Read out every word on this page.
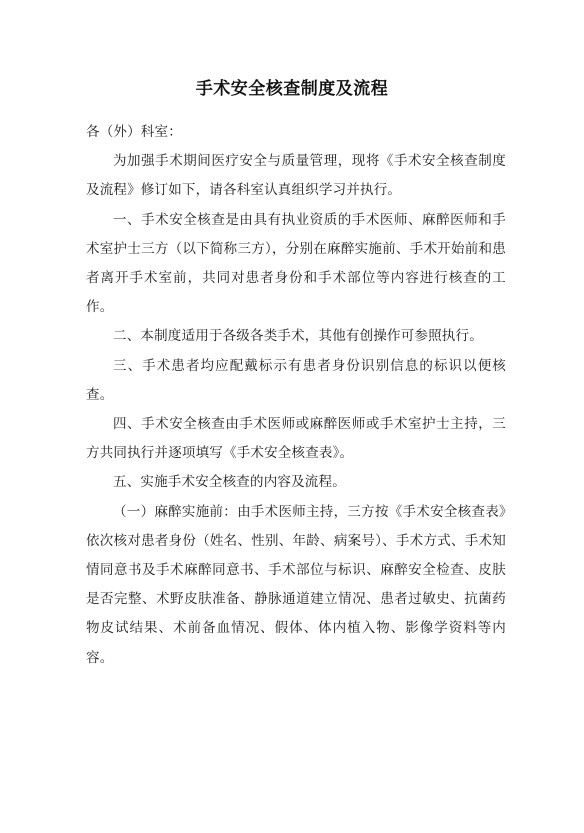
手术安全核查制度及流程

各（外）科室：

为加强手术期间医疗安全与质量管理，现将《手术安全核查制度及流程》修订如下，请各科室认真组织学习并执行。

一、手术安全核查是由具有执业资质的手术医师、麻醉医师和手术室护士三方（以下简称三方），分别在麻醉实施前、手术开始前和患者离开手术室前，共同对患者身份和手术部位等内容进行核查的工作。

二、本制度适用于各级各类手术，其他有创操作可参照执行。

三、手术患者均应配戴标示有患者身份识别信息的标识以便核查。

四、手术安全核查由手术医师或麻醉医师或手术室护士主持，三方共同执行并逐项填写《手术安全核查表》。

五、实施手术安全核查的内容及流程。

（一）麻醉实施前：由手术医师主持，三方按《手术安全核查表》依次核对患者身份（姓名、性别、年龄、病案号）、手术方式、手术知情同意书及手术麻醉同意书、手术部位与标识、麻醉安全检查、皮肤是否完整、术野皮肤准备、静脉通道建立情况、患者过敏史、抗菌药物皮试结果、术前备血情况、假体、体内植入物、影像学资料等内容。
